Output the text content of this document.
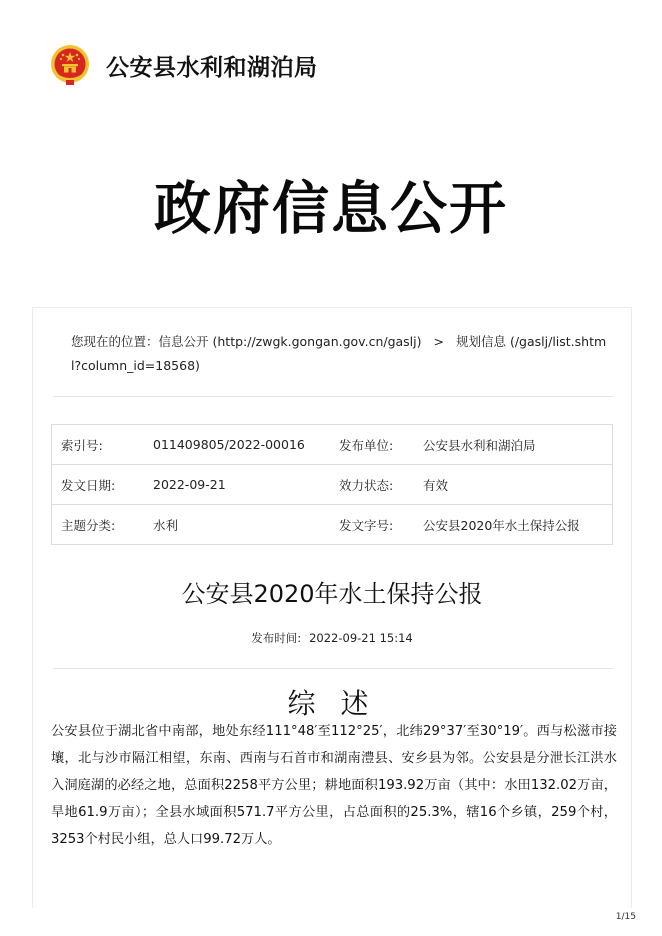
公安县水利和湖泊局
政府信息公开
您现在的位置：信息公开 (http://zwgk.gongan.gov.cn/gaslj) > 规划信息 (/gaslj/list.shtml?column_id=18568)
索引号:	011409805/2022-00016	发布单位:	公安县水利和湖泊局
发文日期:	2022-09-21	效力状态:	有效
主题分类:	水利	发文字号:	公安县2020年水土保持公报
公安县2020年水土保持公报
发布时间: 2022-09-21 15:14
综 述
公安县位于湖北省中南部，地处东经111°48′至112°25′，北纬29°37′至30°19′。西与松滋市接壤，北与沙市隔江相望，东南、西南与石首市和湖南澧县、安乡县为邻。公安县是分泄长江洪水入洞庭湖的必经之地，总面积2258平方公里；耕地面积193.92万亩（其中：水田132.02万亩，旱地61.9万亩）；全县水域面积571.7平方公里，占总面积的25.3%，辖16个乡镇，259个村，3253个村民小组，总人口99.72万人。
1/15
